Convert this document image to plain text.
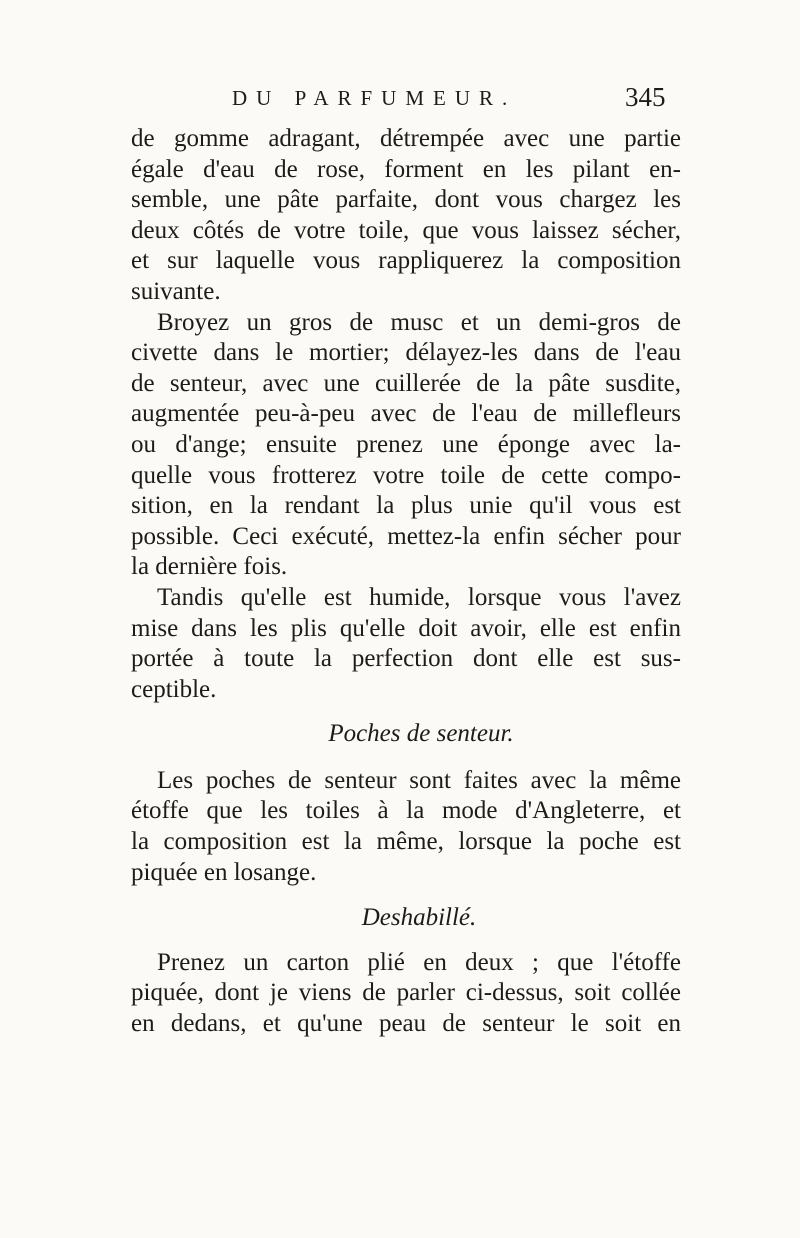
DU PARFUMEUR.	345
de gomme adragant, détrempée avec une partie
égale d'eau de rose, forment en les pilant en-
semble, une pâte parfaite, dont vous chargez les
deux côtés de votre toile, que vous laissez sécher,
et sur laquelle vous rappliquerez la composition
suivante.
Broyez un gros de musc et un demi-gros de
civette dans le mortier; délayez-les dans de l'eau
de senteur, avec une cuillerée de la pâte susdite,
augmentée peu-à-peu avec de l'eau de millefleurs
ou d'ange; ensuite prenez une éponge avec la-
quelle vous frotterez votre toile de cette compo-
sition, en la rendant la plus unie qu'il vous est
possible. Ceci exécuté, mettez-la enfin sécher pour
la dernière fois.
Tandis qu'elle est humide, lorsque vous l'avez
mise dans les plis qu'elle doit avoir, elle est enfin
portée à toute la perfection dont elle est sus-
ceptible.
Poches de senteur.
Les poches de senteur sont faites avec la même
étoffe que les toiles à la mode d'Angleterre, et
la composition est la même, lorsque la poche est
piquée en losange.
Deshabillé.
Prenez un carton plié en deux ; que l'étoffe
piquée, dont je viens de parler ci-dessus, soit collée
en dedans, et qu'une peau de senteur le soit en
